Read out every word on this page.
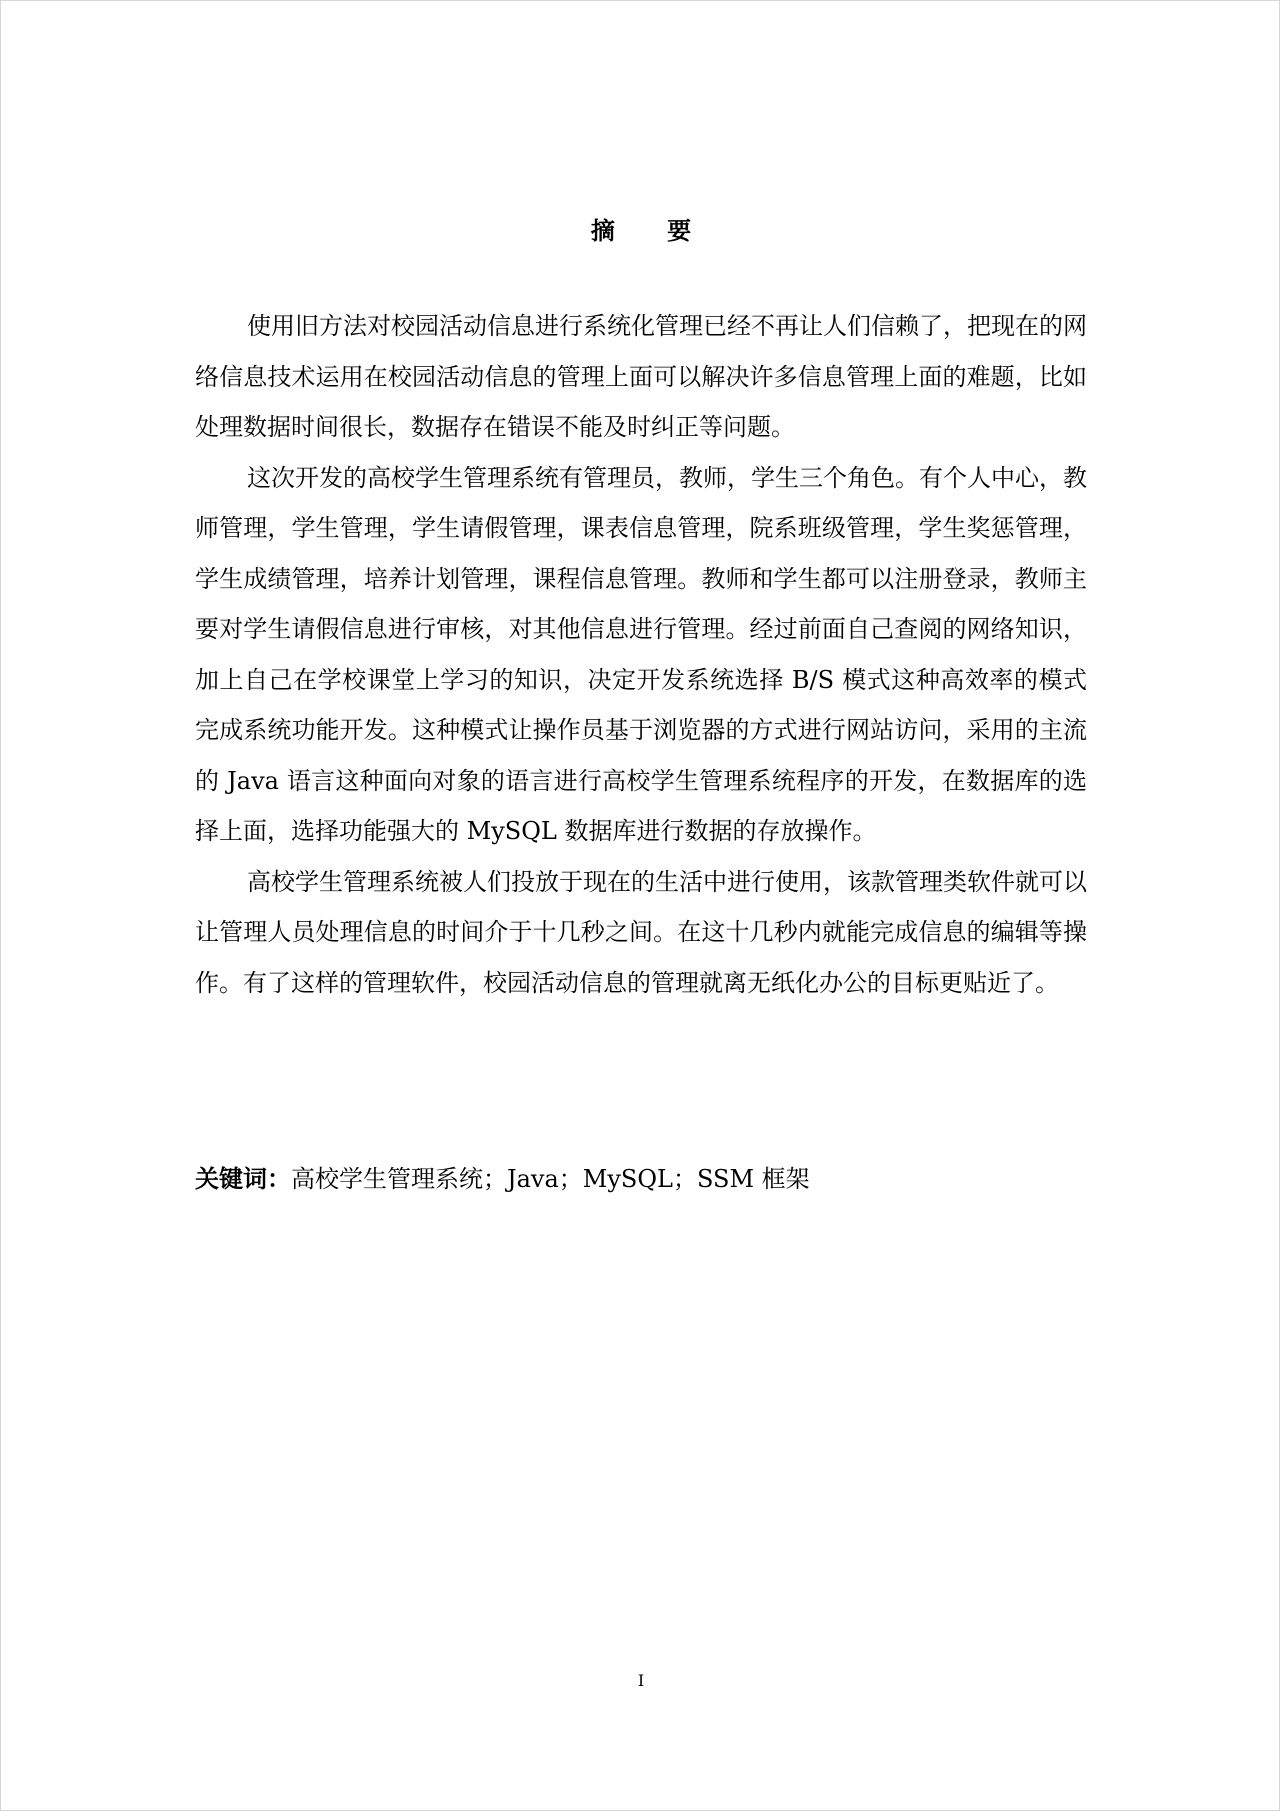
摘 要

使用旧方法对校园活动信息进行系统化管理已经不再让人们信赖了，把现在的网络信息技术运用在校园活动信息的管理上面可以解决许多信息管理上面的难题，比如处理数据时间很长，数据存在错误不能及时纠正等问题。

这次开发的高校学生管理系统有管理员，教师，学生三个角色。有个人中心，教师管理，学生管理，学生请假管理，课表信息管理，院系班级管理，学生奖惩管理，学生成绩管理，培养计划管理，课程信息管理。教师和学生都可以注册登录，教师主要对学生请假信息进行审核，对其他信息进行管理。经过前面自己查阅的网络知识，加上自己在学校课堂上学习的知识，决定开发系统选择 B/S 模式这种高效率的模式完成系统功能开发。这种模式让操作员基于浏览器的方式进行网站访问，采用的主流的 Java 语言这种面向对象的语言进行高校学生管理系统程序的开发，在数据库的选择上面，选择功能强大的 MySQL 数据库进行数据的存放操作。

高校学生管理系统被人们投放于现在的生活中进行使用，该款管理类软件就可以让管理人员处理信息的时间介于十几秒之间。在这十几秒内就能完成信息的编辑等操作。有了这样的管理软件，校园活动信息的管理就离无纸化办公的目标更贴近了。

关键词：高校学生管理系统；Java；MySQL；SSM 框架
I
